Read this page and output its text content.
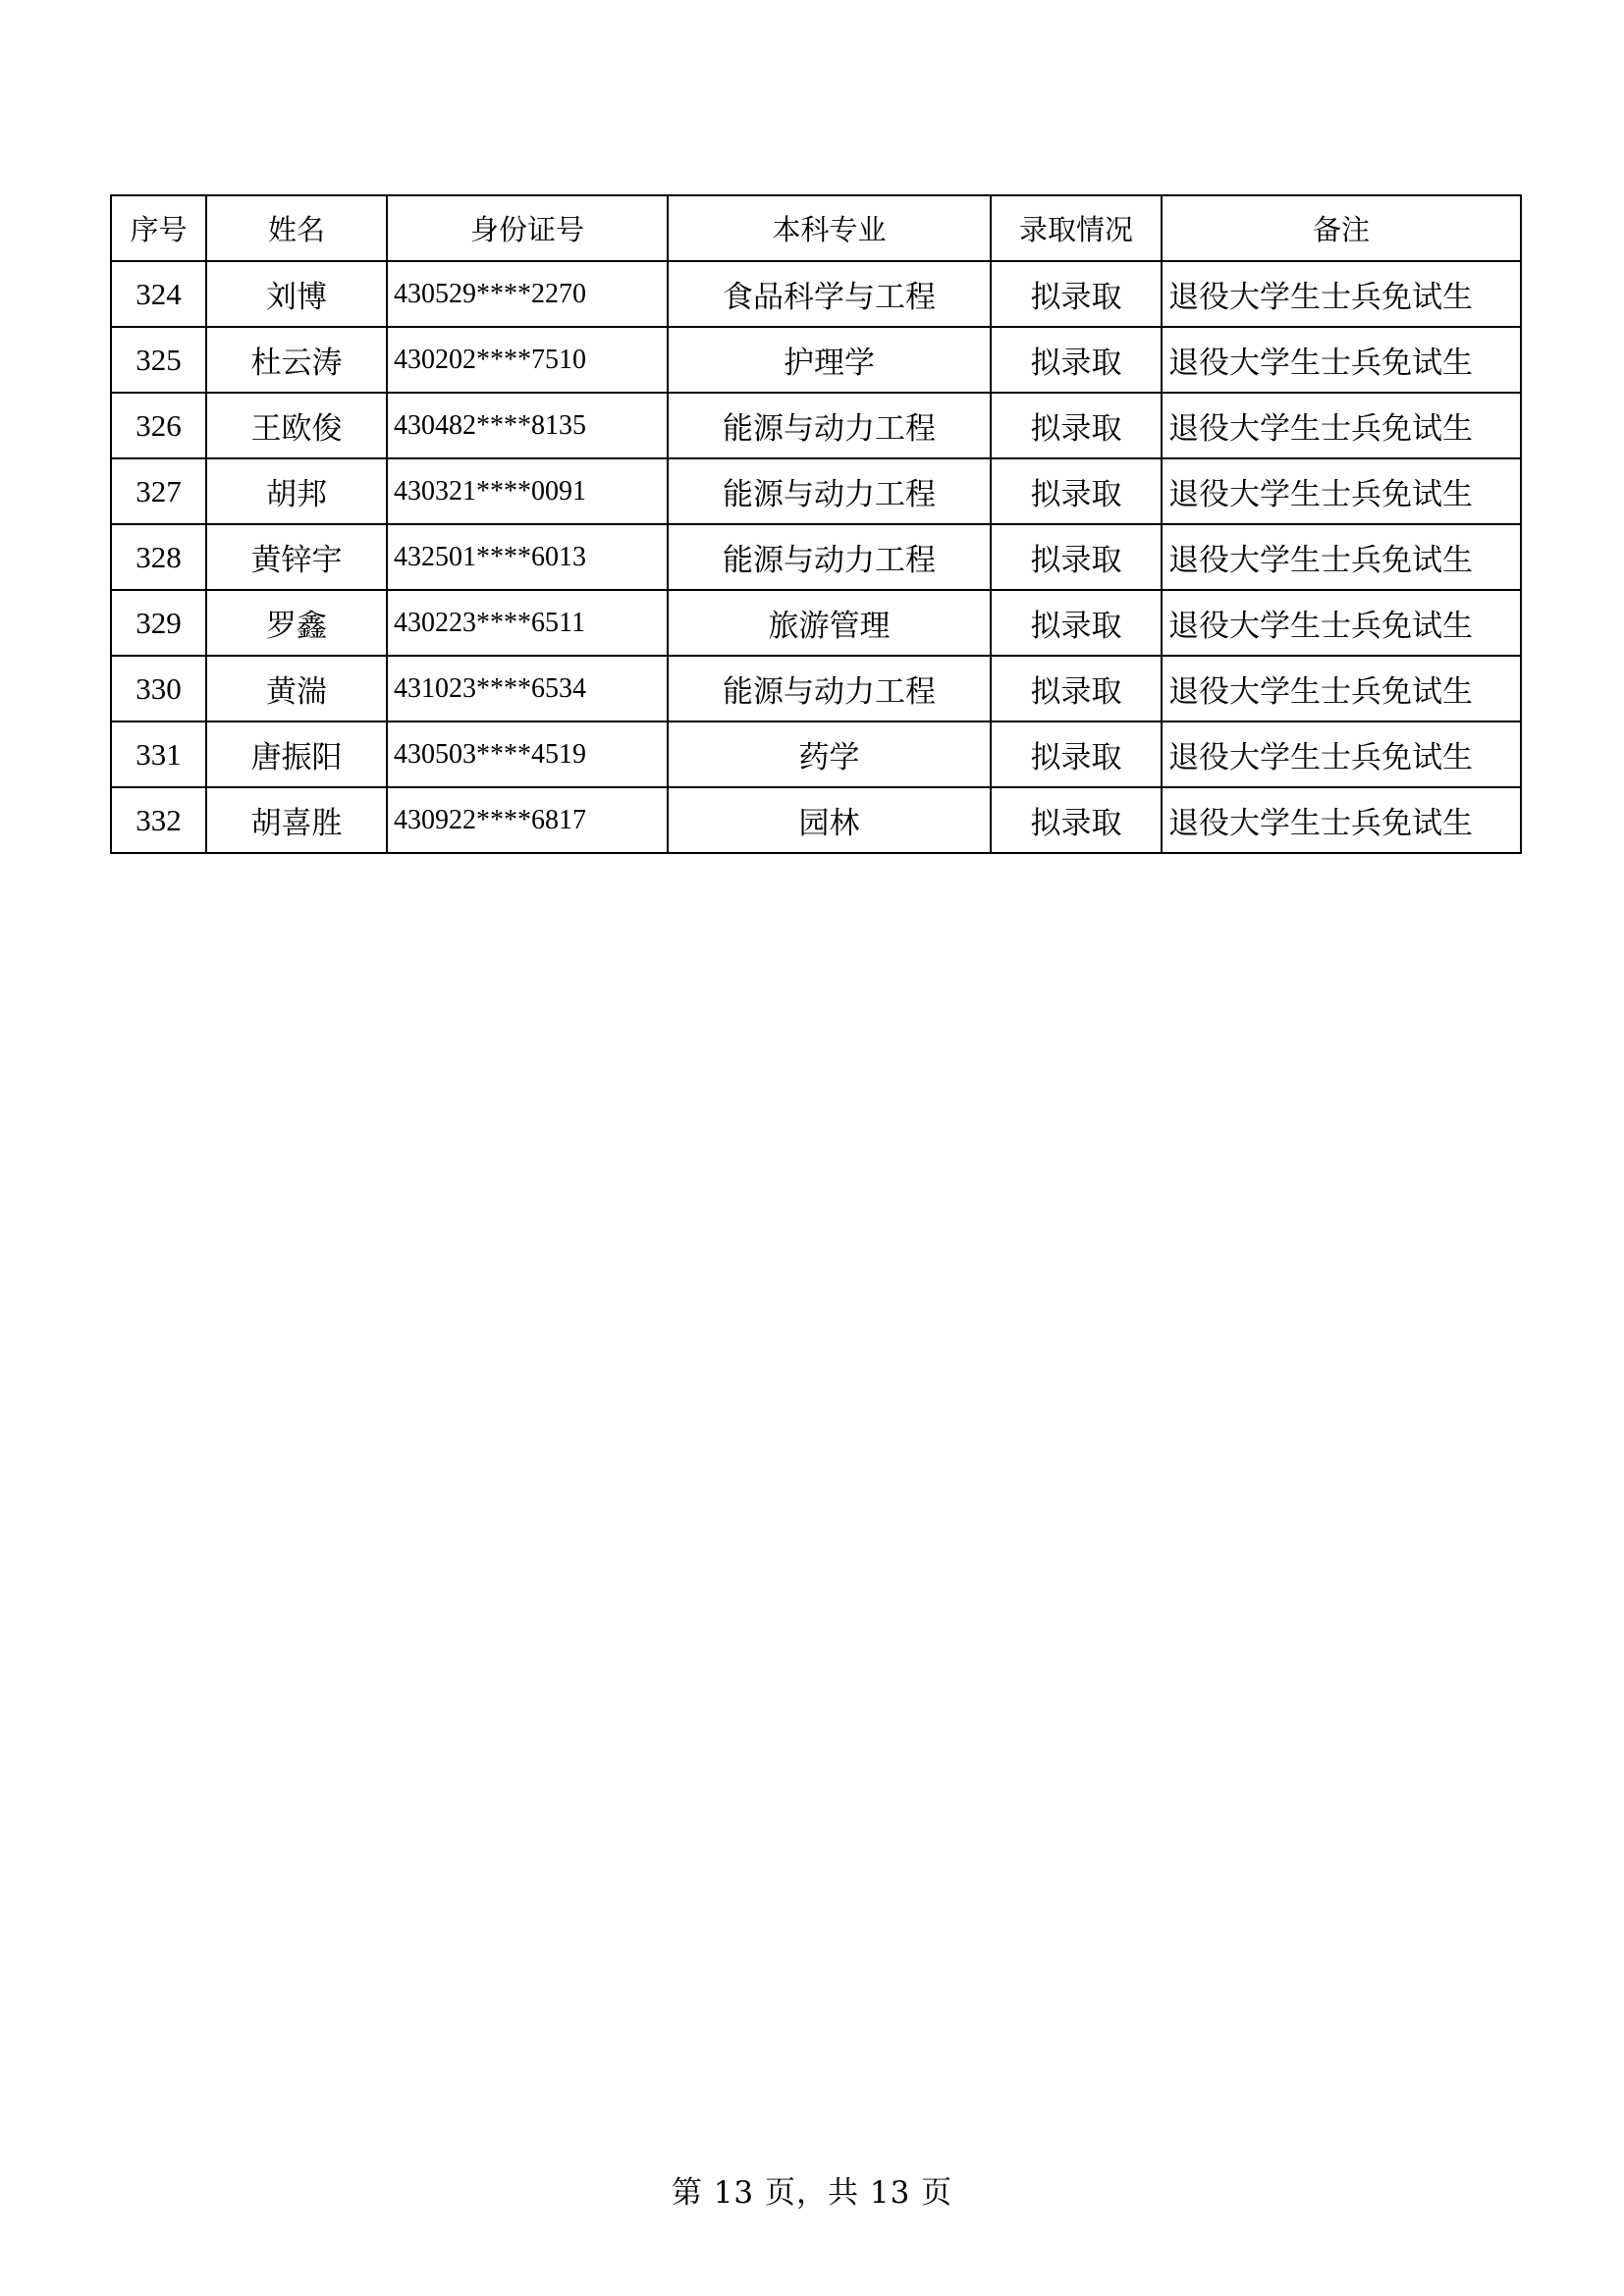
序号	姓名	身份证号	本科专业	录取情况	备注
324	刘博	430529****2270	食品科学与工程	拟录取	退役大学生士兵免试生
325	杜云涛	430202****7510	护理学	拟录取	退役大学生士兵免试生
326	王欧俊	430482****8135	能源与动力工程	拟录取	退役大学生士兵免试生
327	胡邦	430321****0091	能源与动力工程	拟录取	退役大学生士兵免试生
328	黄锌宇	432501****6013	能源与动力工程	拟录取	退役大学生士兵免试生
329	罗鑫	430223****6511	旅游管理	拟录取	退役大学生士兵免试生
330	黄湍	431023****6534	能源与动力工程	拟录取	退役大学生士兵免试生
331	唐振阳	430503****4519	药学	拟录取	退役大学生士兵免试生
332	胡喜胜	430922****6817	园林	拟录取	退役大学生士兵免试生
第 13 页，共 13 页
